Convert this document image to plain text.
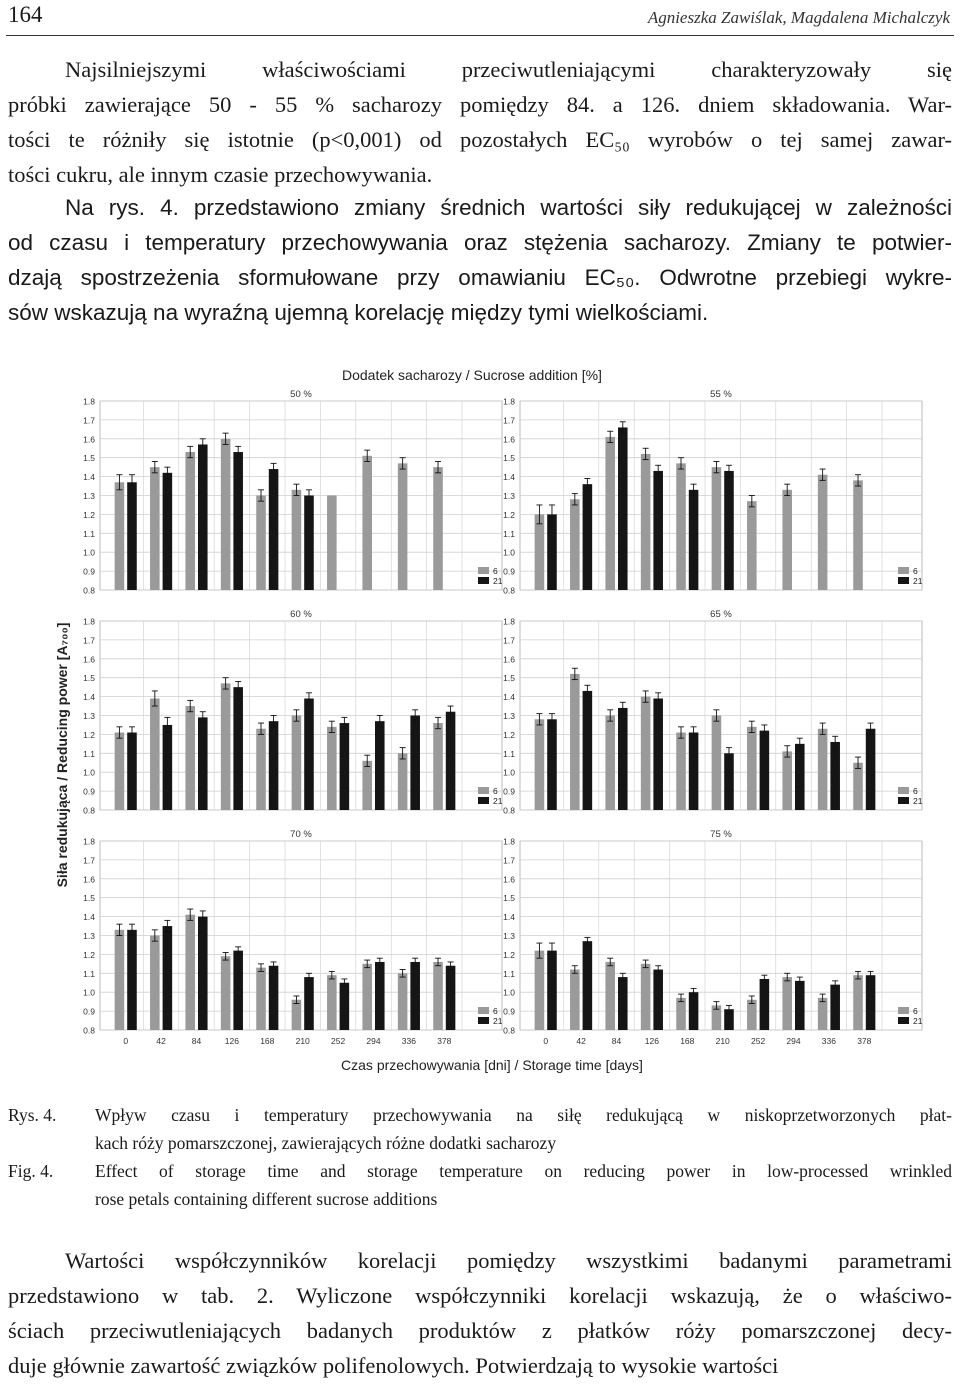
164	Agnieszka Zawiślak, Magdalena Michalczyk
Najsilniejszymi właściwościami przeciwutleniającymi charakteryzowały się
próbki zawierające 50 - 55 % sacharozy pomiędzy 84. a 126. dniem składowania. War-
tości te różniły się istotnie (p<0,001) od pozostałych EC₅₀ wyrobów o tej samej zawar-
tości cukru, ale innym czasie przechowywania.
Na rys. 4. przedstawiono zmiany średnich wartości siły redukującej w zależności
od czasu i temperatury przechowywania oraz stężenia sacharozy. Zmiany te potwier-
dzają spostrzeżenia sformułowane przy omawianiu EC₅₀. Odwrotne przebiegi wykre-
sów wskazują na wyraźną ujemną korelację między tymi wielkościami.
Dodatek sacharozy / Sucrose addition [%]
Siła redukująca / Reducing power [A₇₀₀]
Czas przechowywania [dni] / Storage time [days]
0.8
0.9
1.0
1.1
1.2
1.3
1.4
1.5
1.6
1.7
1.8
50 %
6
21
0.8
0.9
1.0
1.1
1.2
1.3
1.4
1.5
1.6
1.7
1.8
55 %
6
21
0.8
0.9
1.0
1.1
1.2
1.3
1.4
1.5
1.6
1.7
1.8
60 %
6
21
0.8
0.9
1.0
1.1
1.2
1.3
1.4
1.5
1.6
1.7
1.8
65 %
6
21
0.8
0.9
1.0
1.1
1.2
1.3
1.4
1.5
1.6
1.7
1.8
70 %
6
21
0	42	84	126 168 210 252 294 336 378
0.8
0.9
1.0
1.1
1.2
1.3
1.4
1.5
1.6
1.7
1.8
75 %
6
21
0	42	84	126 168 210 252 294 336 378
Rys. 4. Wpływ czasu i temperatury przechowywania na siłę redukującą w niskoprzetworzonych płat-
kach róży pomarszczonej, zawierających różne dodatki sacharozy
Fig. 4. Effect of storage time and storage temperature on reducing power in low-processed wrinkled
rose petals containing different sucrose additions
Wartości współczynników korelacji pomiędzy wszystkimi badanymi parametrami
przedstawiono w tab. 2. Wyliczone współczynniki korelacji wskazują, że o właściwo-
ściach przeciwutleniających badanych produktów z płatków róży pomarszczonej decy-
duje głównie zawartość związków polifenolowych. Potwierdzają to wysokie wartości
